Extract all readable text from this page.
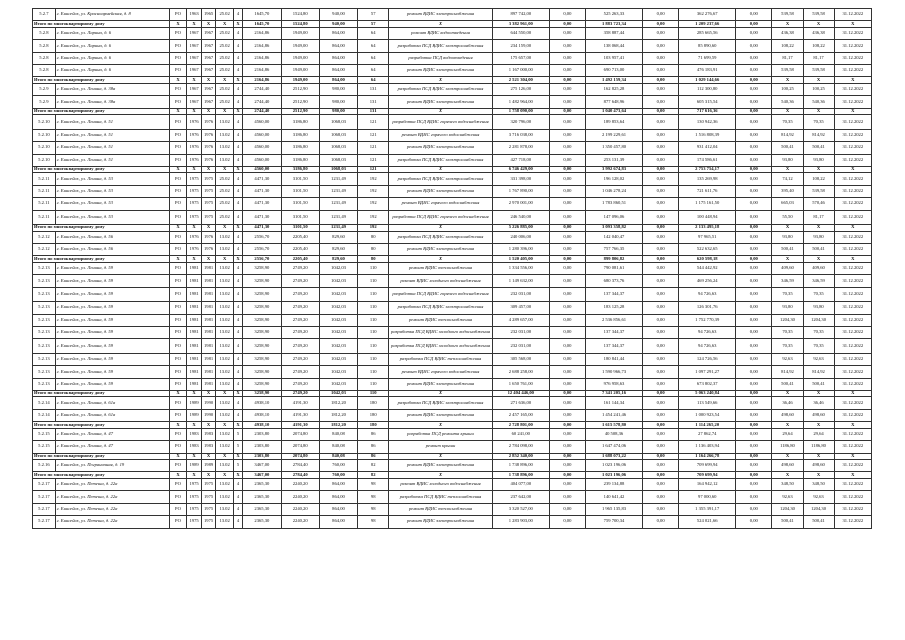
5.2.7	г. Енисейск, ул. Красноармейская, д. 8	РО	1963	1965	25.02	4	1645,70	1524,80	940,00	57	ремонт ВДИС электроснабжения	897 742,00	0,00	525 263,33	0,00	362 276,67	0,00	539,58	539,58	31.12.2022
Итого по многоквартирному дому		Х	Х	Х	Х	Х	1645,70	1524,80	940,00	57	Х	3 382 961,00	0,00	1 883 723,34	0,00	1 209 237,66	0,00	Х	Х	Х
5.2.8	г. Енисейск, ул. Ларина, д. 6	РО	1967	1967	25.02	4	2164,86	1949,00	864,00	64	ремонт ВДИС водоотведения	644 550,00	0,00	358 887,44	0,00	285 665,56	0,00	436,38	436,38	31.12.2022
5.2.8	г. Енисейск, ул. Ларина, д. 6	РО	1967	1967	25.02	4	2164,86	1949,00	864,00	64	разработка ПСД ВДИС электроснабжения	234 159,00	0,00	138 068,44	0,00	85 890,60	0,00	108,22	108,22	31.12.2022
5.2.8	г. Енисейск, ул. Ларина, д. 6	РО	1967	1967	25.02	4	2164,86	1949,00	864,00	64	разработка ПСД водоотведения	175 657,00	0,00	103 957,41	0,00	71 699,59	0,00	81,17	81,17	31.12.2022
5.2.8	г. Енисейск, ул. Ларина, д. 6	РО	1967	1967	25.02	4	2164,86	1949,00	864,00	64	ремонт ВДИС электроснабжения	1 167 000,00	0,00	690 713,00	0,00	476 183,91	0,00	539,58	539,58	31.12.2022
Итого по многоквартирному дому		Х	Х	Х	Х	Х	2164,86	1949,00	864,00	64	Х	2 521 304,00	0,00	1 492 159,34	0,00	1 029 144,66	0,00	Х	Х	Х
5.2.9	г. Енисейск, ул. Ленина, д. 38а	РО	1967	1967	25.02	4	2744,40	2512,90	980,00	131	разработка ПСД ВДИС электроснабжения	275 126,00	0,00	162 825,28	0,00	112 300,80	0,00	100,25	100,25	31.12.2022
5.2.9	г. Енисейск, ул. Ленина, д. 38а	РО	1967	1967	25.02	4	2744,40	2512,90	980,00	131	ремонт ВДИС электроснабжения	1 482 964,00	0,00	877 648,96	0,00	605 315,54	0,00	540,36	540,36	31.12.2022
Итого по многоквартирному дому		Х	Х	Х	Х	Х	2744,40	2512,90	980,00	131	Х	1 758 090,00	0,00	1 040 473,64	0,00	717 616,36	0,00	Х	Х	Х
5.2.10	г. Енисейск, ул. Ленина, д. 51	РО	1976	1976	13.02	4	4560,00	3186,80	1068,03	121	разработка ПСД ВДИС горячего водоснабжения	320 796,00	0,00	189 853,64	0,00	130 942,36	0,00	70,35	70,35	31.12.2022
5.2.10	г. Енисейск, ул. Ленина, д. 51	РО	1976	1976	13.02	4	4560,00	3186,80	1068,03	121	ремонт ВДИС горячего водоснабжения	3 716 038,00	0,00	2 199 229,61	0,00	1 516 808,39	0,00	814,92	814,92	31.12.2022
5.2.10	г. Енисейск, ул. Ленина, д. 51	РО	1976	1976	13.02	4	4560,00	3186,80	1068,03	121	ремонт ВДИС электроснабжения	2 281 878,00	0,00	1 350 457,80	0,00	931 412,04	0,00	500,41	500,41	31.12.2022
5.2.10	г. Енисейск, ул. Ленина, д. 51	РО	1976	1976	13.02	4	4560,00	3186,80	1068,03	121	разработка ПСД ВДИС электроснабжения	427 718,00	0,00	253 131,39	0,00	174 586,61	0,00	93,80	93,80	31.12.2022
Итого по многоквартирному дому		Х	Х	Х	Х	Х	4560,00	3186,80	1068,03	121	Х	6 746 429,00	0,00	3 992 674,83	0,00	2 753 754,17	0,00	Х	Х	Х
5.2.11	г. Енисейск, ул. Ленина, д. 53	РО	1975	1975	25.02	4	4471,30	3101,50	1231,49	192	разработка ПСД ВДИС электроснабжения	331 398,00	0,00	196 128,02	0,00	135 269,98	0,00	74,12	108,22	31.12.2022
5.2.11	г. Енисейск, ул. Ленина, д. 53	РО	1975	1975	25.02	4	4471,30	3101,50	1231,49	192	ремонт ВДИС электроснабжения	1 767 890,00	0,00	1 046 278,24	0,00	721 611,76	0,00	395,40	539,58	31.12.2022
5.2.11	г. Енисейск, ул. Ленина, д. 53	РО	1975	1975	25.02	4	4471,30	3101,50	1231,49	192	ремонт ВДИС горячего водоснабжения	2 970 001,00	0,00	1 783 860,51	0,00	1 175 161,50	0,00	665,03	570,46	31.12.2022
5.2.11	г. Енисейск, ул. Ленина, д. 53	РО	1975	1975	25.02	4	4471,30	3101,50	1231,49	192	разработка ПСД ВДИС горячего водоснабжения	246 540,00	0,00	147 096,06	0,00	100 448,94	0,00	55,50	81,17	31.12.2022
Итого по многоквартирному дому		Х	Х	Х	Х	Х	4471,30	3101,50	1231,49	192	Х	5 226 885,00	0,00	3 093 358,82	0,00	2 133 495,18	0,00	Х	Х	Х
5.2.12	г. Енисейск, ул. Ленина, д. 56	РО	1976	1976	13.02	4	2556,70	2205,40	829,60	80	разработка ПСД ВДИС электроснабжения	240 006,00	0,00	142 040,47	0,00	97 965,51	0,00	93,80	93,80	31.12.2022
5.2.12	г. Енисейск, ул. Ленина, д. 56	РО	1976	1976	13.02	4	2556,70	2205,40	829,60	80	ремонт ВДИС электроснабжения	1 280 396,00	0,00	757 766,35	0,00	522 632,65	0,00	500,41	500,41	31.12.2022
Итого по многоквартирному дому		Х	Х	Х	Х	Х	2556,70	2205,40	829,60	80	Х	1 520 405,00	0,00	899 806,82	0,00	620 598,18	0,00	Х	Х	Х
5.2.13	г. Енисейск, ул. Ленина, д. 59	РО	1981	1981	13.02	4	3258,90	2749,20	1042,03	110	ремонт ВДИС теплоснабжения	1 334 556,00	0,00	790 081,61	0,00	544 442,92	0,00	409,60	409,60	31.12.2022
5.2.13	г. Енисейск, ул. Ленина, д. 59	РО	1981	1981	13.02	4	3258,90	2749,20	1042,03	110	ремонт ВДИС холодного водоснабжения	1 149 632,00	0,00	680 373,76	0,00	469 256,24	0,00	346,59	346,59	31.12.2022
5.2.13	г. Енисейск, ул. Ленина, д. 59	РО	1981	1981	13.02	4	3258,90	2749,20	1042,03	110	разработка ПСД ВДИС горячего водоснабжения	232 031,00	0,00	137 344,37	0,00	94 726,63	0,00	70,35	70,35	31.12.2022
5.2.13	г. Енисейск, ул. Ленина, д. 59	РО	1981	1981	13.02	4	3258,90	2749,20	1042,03	110	разработка ПСД ВДИС электроснабжения	309 457,00	0,00	183 125,28	0,00	126 301,76	0,00	93,80	93,80	31.12.2022
5.2.13	г. Енисейск, ул. Ленина, д. 59	РО	1981	1981	13.02	4	3258,90	2749,20	1042,03	110	ремонт ВДИС теплоснабжения	4 289 657,00	0,00	2 536 856,61	0,00	1 752 770,39	0,00	1204,30	1204,30	31.12.2022
5.2.13	г. Енисейск, ул. Ленина, д. 59	РО	1981	1981	13.02	4	3258,90	2749,20	1042,03	110	разработка ПСД ВДИС холодного водоснабжения	232 031,00	0,00	137 344,37	0,00	94 726,63	0,00	70,35	70,35	31.12.2022
5.2.13	г. Енисейск, ул. Ленина, д. 59	РО	1981	1981	13.02	4	3258,90	2749,20	1042,03	110	разработка ПСД ВДИС холодного водоснабжения	232 031,00	0,00	137 344,37	0,00	94 726,63	0,00	70,35	70,35	31.12.2022
5.2.13	г. Енисейск, ул. Ленина, д. 59	РО	1981	1981	13.02	4	3258,90	2749,20	1042,03	110	разработка ПСД ВДИС теплоснабжения	305 568,00	0,00	180 841,44	0,00	124 726,56	0,00	92,63	92,63	31.12.2022
5.2.13	г. Енисейск, ул. Ленина, д. 59	РО	1981	1981	13.02	4	3258,90	2749,20	1042,03	110	ремонт ВДИС горячего водоснабжения	2 688 258,00	0,00	1 590 966,73	0,00	1 097 291,27	0,00	814,92	814,92	31.12.2022
5.2.13	г. Енисейск, ул. Ленина, д. 59	РО	1981	1981	13.02	4	3258,90	2749,20	1042,03	110	ремонт ВДИС электроснабжения	1 650 761,00	0,00	976 958,63	0,00	673 802,37	0,00	500,41	500,41	31.12.2022
Итого по многоквартирному дому		Х	Х	Х	Х	Х	3258,90	2749,20	1042,03	110	Х	12 404 446,00	0,00	7 341 205,16	0,00	5 063 240,84	0,00	Х	Х	Х
5.2.14	г. Енисейск, ул. Ленина, д. 61а	РО	1989	1990	13.02	4	4938,10	4191,30	1812,20	180	разработка ПСД ВДИС электроснабжения	271 636,00	0,00	161 144,34	0,00	113 549,66	0,00	36,46	36,46	31.12.2022
5.2.14	г. Енисейск, ул. Ленина, д. 61а	РО	1989	1990	13.02	4	4938,10	4191,30	1812,20	180	ремонт ВДИС электроснабжения	2 457 165,00	0,00	1 454 241,46	0,00	1 000 923,54	0,00	498,60	498,60	31.12.2022
Итого по многоквартирному дому		Х	Х	Х	Х	Х	4938,10	4191,30	1812,20	180	Х	2 728 801,00	0,00	1 615 578,80	0,00	1 114 265,20	0,00	Х	Х	Х
5.2.15	г. Енисейск, ул. Ленина, д. 47	РО	1983	1983	13.02	5	2303,80	2074,80	840,08	86	разработка ПСД ремонта крыши	60 241,00	0,00	40 508,36	0,00	27 862,74	0,00	29,64	29,64	31.12.2022
5.2.15	г. Енисейск, ул. Ленина, д. 47	РО	1983	1983	13.02	5	2303,80	2074,80	840,08	86	ремонт крыши	2 784 098,00	0,00	1 647 474,06	0,00	1 136 403,94	0,00	1186,80	1186,80	31.12.2022
Итого по многоквартирному дому		Х	Х	Х	Х	Х	2303,80	2074,80	840,08	86	Х	2 852 340,00	0,00	1 688 073,22	0,00	1 164 266,78	0,00	Х	Х	Х
5.2.16	г. Енисейск, ул. Пограничная, д. 19	РО	1989	1989	13.02	5	3467,00	2784,40	760,00	82	ремонт ВДИС электроснабжения	1 738 896,00	0,00	1 023 196,06	0,00	709 699,94	0,00	498,60	498,60	31.12.2022
Итого по многоквартирному дому		Х	Х	Х	Х	Х	3467,00	2784,40	760,00	82	Х	1 738 896,00	0,00	1 023 196,06	0,00	709 699,94	0,00	Х	Х	Х
5.2.17	г. Енисейск, ул. Петеша, д. 22а	РО	1975	1975	13.02	4	2365,30	2240,20	864,00	98	ремонт ВДИС холодного водоснабжения	404 077,00	0,00	239 134,88	0,00	164 942,12	0,00	348,50	348,50	31.12.2022
5.2.17	г. Енисейск, ул. Петеша, д. 22а	РО	1975	1975	13.02	4	2365,30	2240,20	864,00	98	разработка ПСД ВДИС теплоснабжения	237 642,00	0,00	140 641,42	0,00	97 000,60	0,00	92,63	92,63	31.12.2022
5.2.17	г. Енисейск, ул. Петеша, д. 22а	РО	1975	1975	13.02	4	2365,30	2240,20	864,00	98	ремонт ВДИС теплоснабжения	3 320 527,00	0,00	1 965 135,83	0,00	1 355 391,17	0,00	1204,30	1204,30	31.12.2022
5.2.17	г. Енисейск, ул. Петеша, д. 22а	РО	1975	1975	13.02	4	2365,30	2240,20	864,00	98	ремонт ВДИС электроснабжения	1 283 903,00	0,00	759 700,34	0,00	524 021,66	0,00	500,41	500,41	31.12.2022
